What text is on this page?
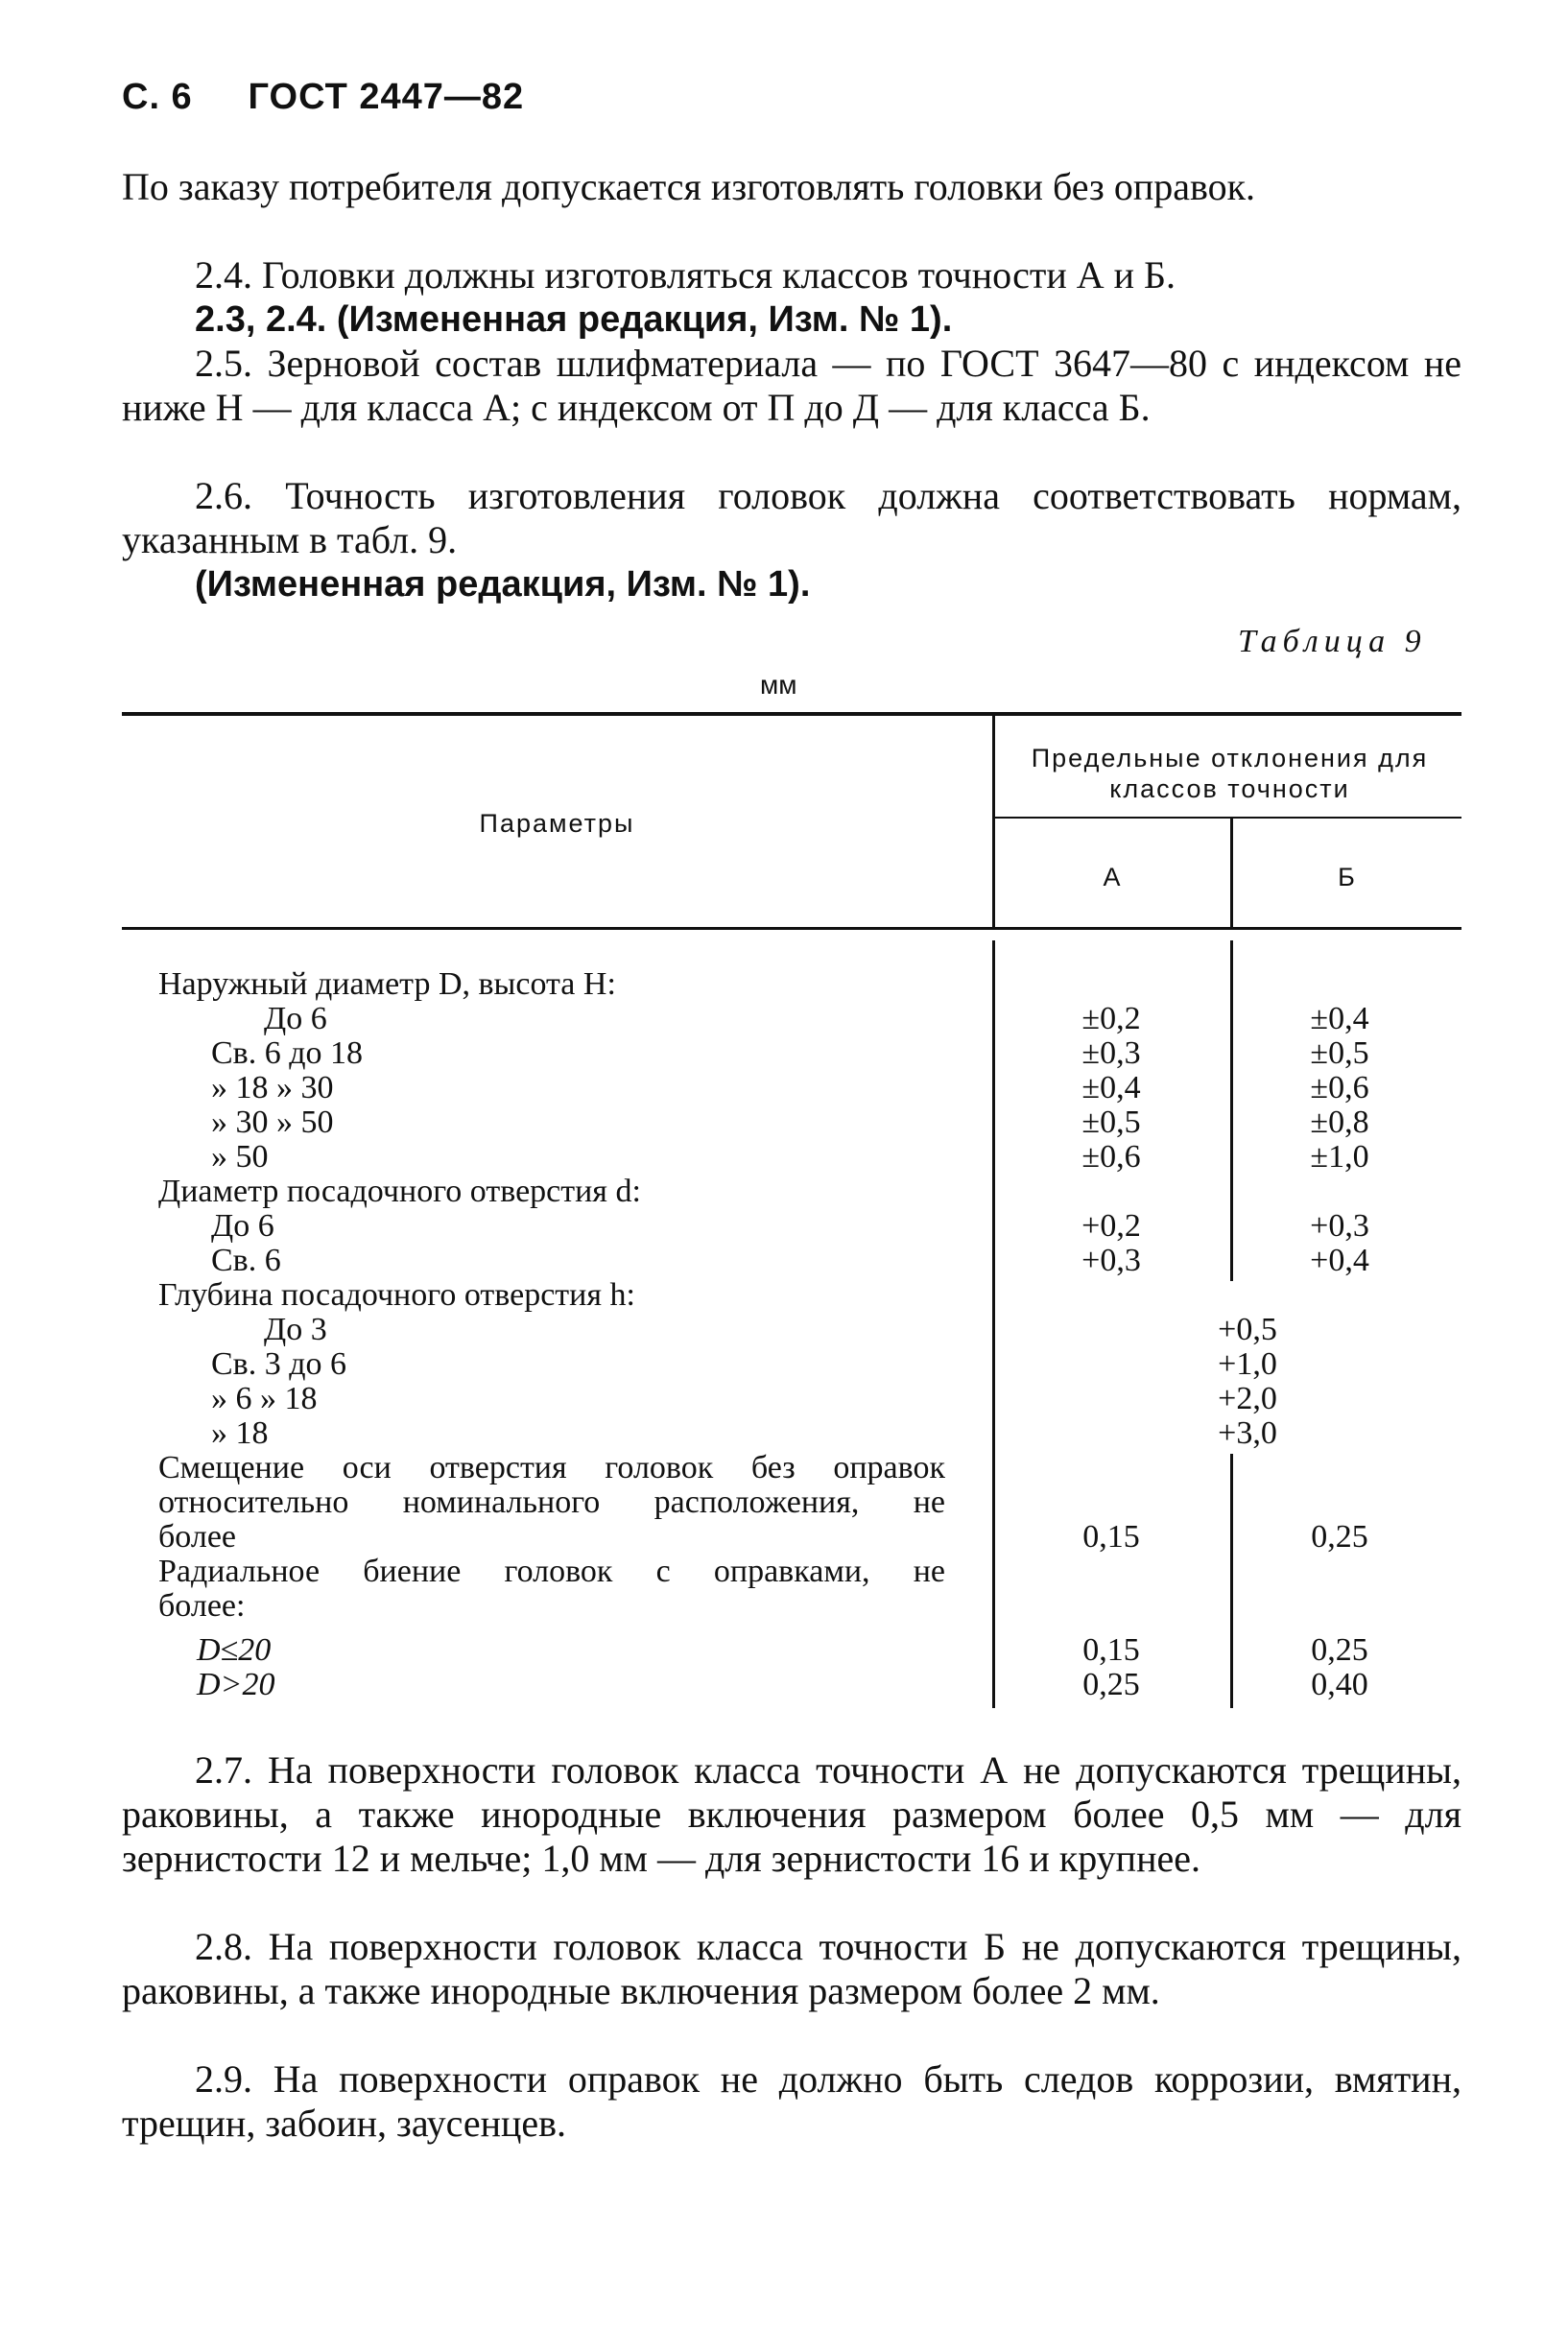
С. 6 ГОСТ 2447—82

По заказу потребителя допускается изготовлять головки без оправок.

2.4. Головки должны изготовляться классов точности А и Б.

2.3, 2.4. (Измененная редакция, Изм. № 1).

2.5. Зерновой состав шлифматериала — по ГОСТ 3647—80 с индексом не ниже Н — для класса А; с индексом от П до Д — для класса Б.

2.6. Точность изготовления головок должна соответствовать нормам, указанным в табл. 9.

(Измененная редакция, Изм. № 1).

Таблица 9
мм
Параметры
Предельные отклонения для классов точности
А	Б
Наружный диаметр D, высота Н:
До 6	±0,2	±0,4
Св. 6 до 18	±0,3	±0,5
» 18 » 30	±0,4	±0,6
» 30 » 50	±0,5	±0,8
» 50	±0,6	±1,0
Диаметр посадочного отверстия d:
До 6	+0,2	+0,3
Св. 6	+0,3	+0,4
Глубина посадочного отверстия h:
До 3	+0,5
Св. 3 до 6	+1,0
» 6 » 18	+2,0
» 18	+3,0
Смещение оси отверстия головок без оправок
относительно номинального расположения, не
более	0,15	0,25
Радиальное биение головок с оправками, не
более:
D≤20	0,15	0,25
D>20	0,25	0,40

2.7. На поверхности головок класса точности А не допускаются трещины, раковины, а также инородные включения размером более 0,5 мм — для зернистости 12 и мельче; 1,0 мм — для зернистости 16 и крупнее.

2.8. На поверхности головок класса точности Б не допускаются трещины, раковины, а также инородные включения размером более 2 мм.

2.9. На поверхности оправок не должно быть следов коррозии, вмятин, трещин, забоин, заусенцев.
